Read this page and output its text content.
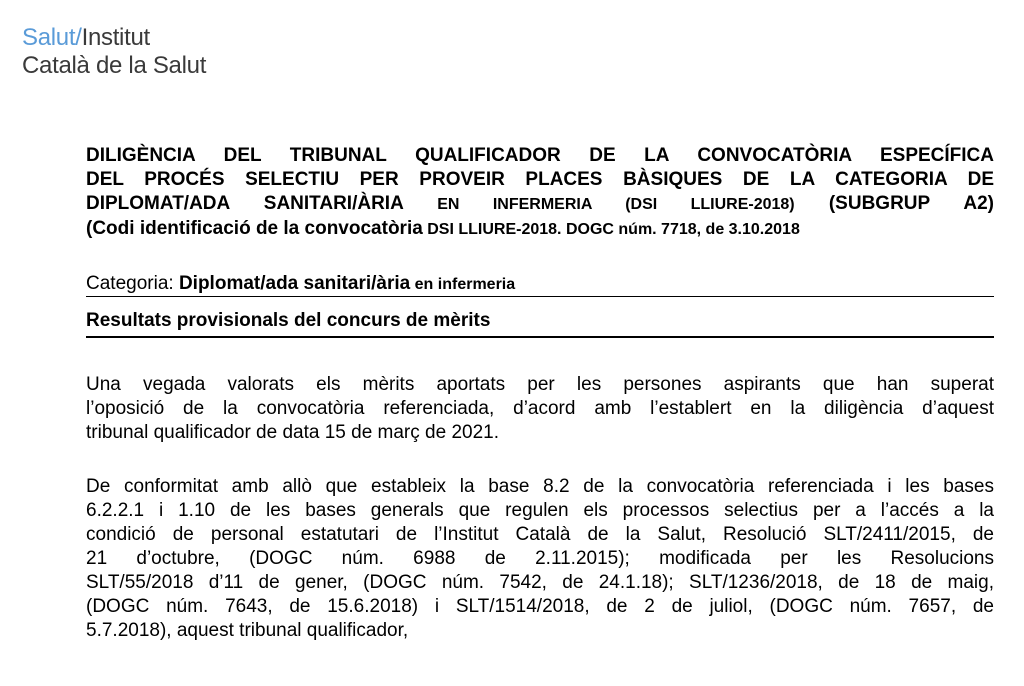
Salut/Institut
Català de la Salut
DILIGÈNCIA DEL TRIBUNAL QUALIFICADOR DE LA CONVOCATÒRIA ESPECÍFICA
DEL PROCÉS SELECTIU PER PROVEIR PLACES BÀSIQUES DE LA CATEGORIA DE
DIPLOMAT/ADA SANITARI/ÀRIA EN INFERMERIA (DSI LLIURE-2018) (SUBGRUP A2)
(Codi identificació de la convocatòria DSI LLIURE-2018. DOGC núm. 7718, de 3.10.2018
Categoria: Diplomat/ada sanitari/ària en infermeria
Resultats provisionals del concurs de mèrits
Una vegada valorats els mèrits aportats per les persones aspirants que han superat
l’oposició de la convocatòria referenciada, d’acord amb l’establert en la diligència d’aquest
tribunal qualificador de data 15 de març de 2021.
De conformitat amb allò que estableix la base 8.2 de la convocatòria referenciada i les bases
6.2.2.1 i 1.10 de les bases generals que regulen els processos selectius per a l’accés a la
condició de personal estatutari de l’Institut Català de la Salut, Resolució SLT/2411/2015, de
21 d’octubre, (DOGC núm. 6988 de 2.11.2015); modificada per les Resolucions
SLT/55/2018 d’11 de gener, (DOGC núm. 7542, de 24.1.18); SLT/1236/2018, de 18 de maig,
(DOGC núm. 7643, de 15.6.2018) i SLT/1514/2018, de 2 de juliol, (DOGC núm. 7657, de
5.7.2018), aquest tribunal qualificador,
